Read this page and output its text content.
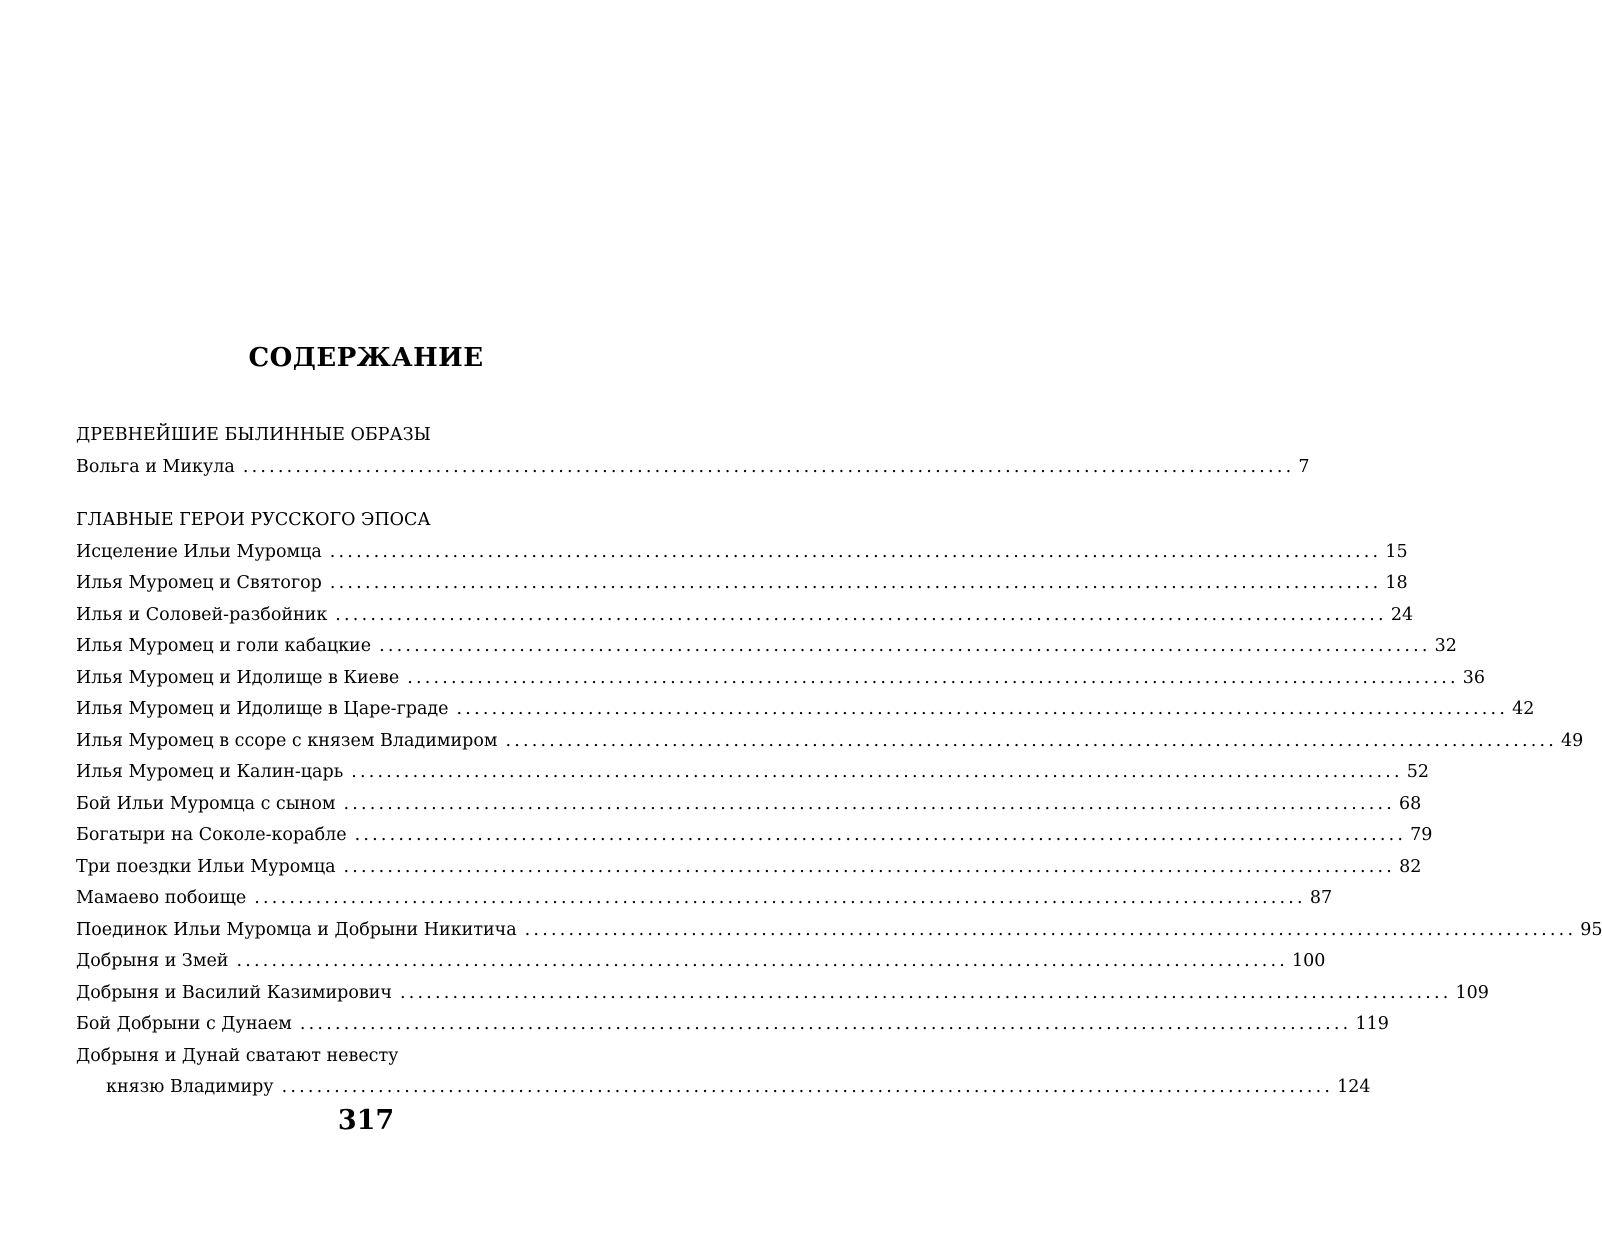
СОДЕРЖАНИЕ
ДРЕВНЕЙШИЕ БЫЛИННЫЕ ОБРАЗЫ
Вольга и Микула ........................................................................................................................ 7
ГЛАВНЫЕ ГЕРОИ РУССКОГО ЭПОСА
Исцеление Ильи Муромца ........................................................................................................................ 15
Илья Муромец и Святогор ........................................................................................................................ 18
Илья и Соловей-разбойник ........................................................................................................................ 24
Илья Муромец и голи кабацкие ........................................................................................................................ 32
Илья Муромец и Идолище в Киеве ........................................................................................................................ 36
Илья Муромец и Идолище в Царе-граде ........................................................................................................................ 42
Илья Муромец в ссоре с князем Владимиром ........................................................................................................................ 49
Илья Муромец и Калин-царь ........................................................................................................................ 52
Бой Ильи Муромца с сыном ........................................................................................................................ 68
Богатыри на Соколе-корабле ........................................................................................................................ 79
Три поездки Ильи Муромца ........................................................................................................................ 82
Мамаево побоище ........................................................................................................................ 87
Поединок Ильи Муромца и Добрыни Никитича ........................................................................................................................ 95
Добрыня и Змей ........................................................................................................................ 100
Добрыня и Василий Казимирович ........................................................................................................................ 109
Бой Добрыни с Дунаем ........................................................................................................................ 119
Добрыня и Дунай сватают невесту
князю Владимиру ........................................................................................................................ 124
317
